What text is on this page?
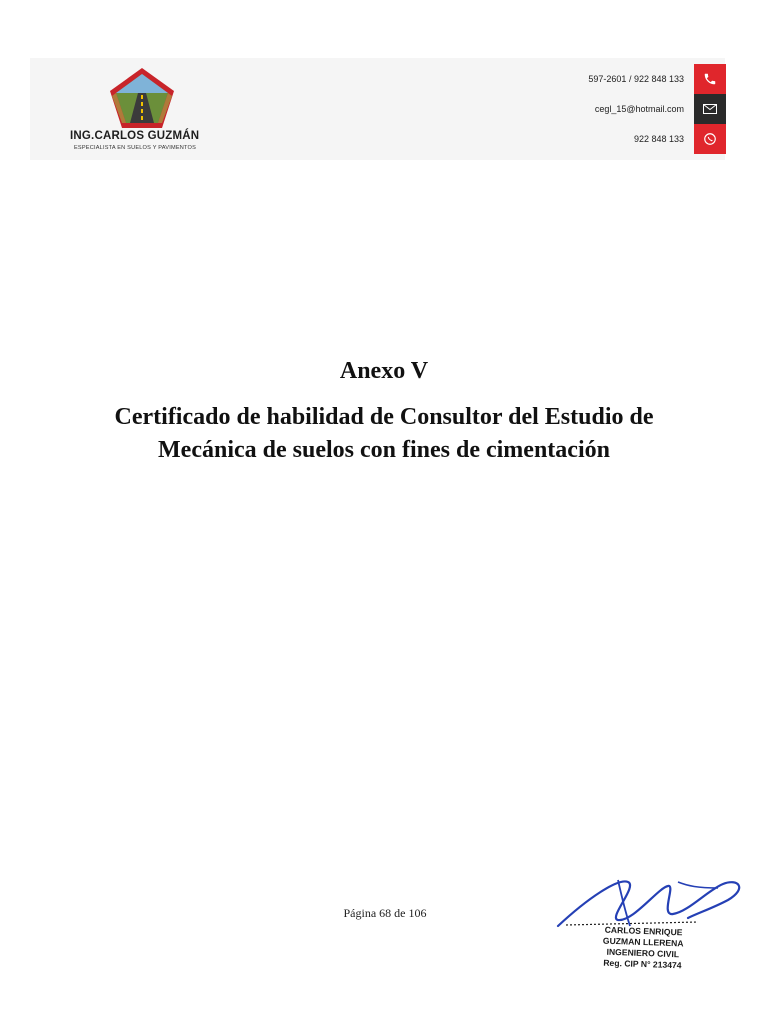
ING.CARLOS GUZMÁN
ESPECIALISTA EN SUELOS Y PAVIMENTOS
597-2601 / 922 848 133
cegl_15@hotmail.com
922 848 133
Anexo V
Certificado de habilidad de Consultor del Estudio de Mecánica de suelos con fines de cimentación
Página 68 de 106
CARLOS ENRIQUE
GUZMAN LLERENA
INGENIERO CIVIL
Reg. CIP N° 213474
